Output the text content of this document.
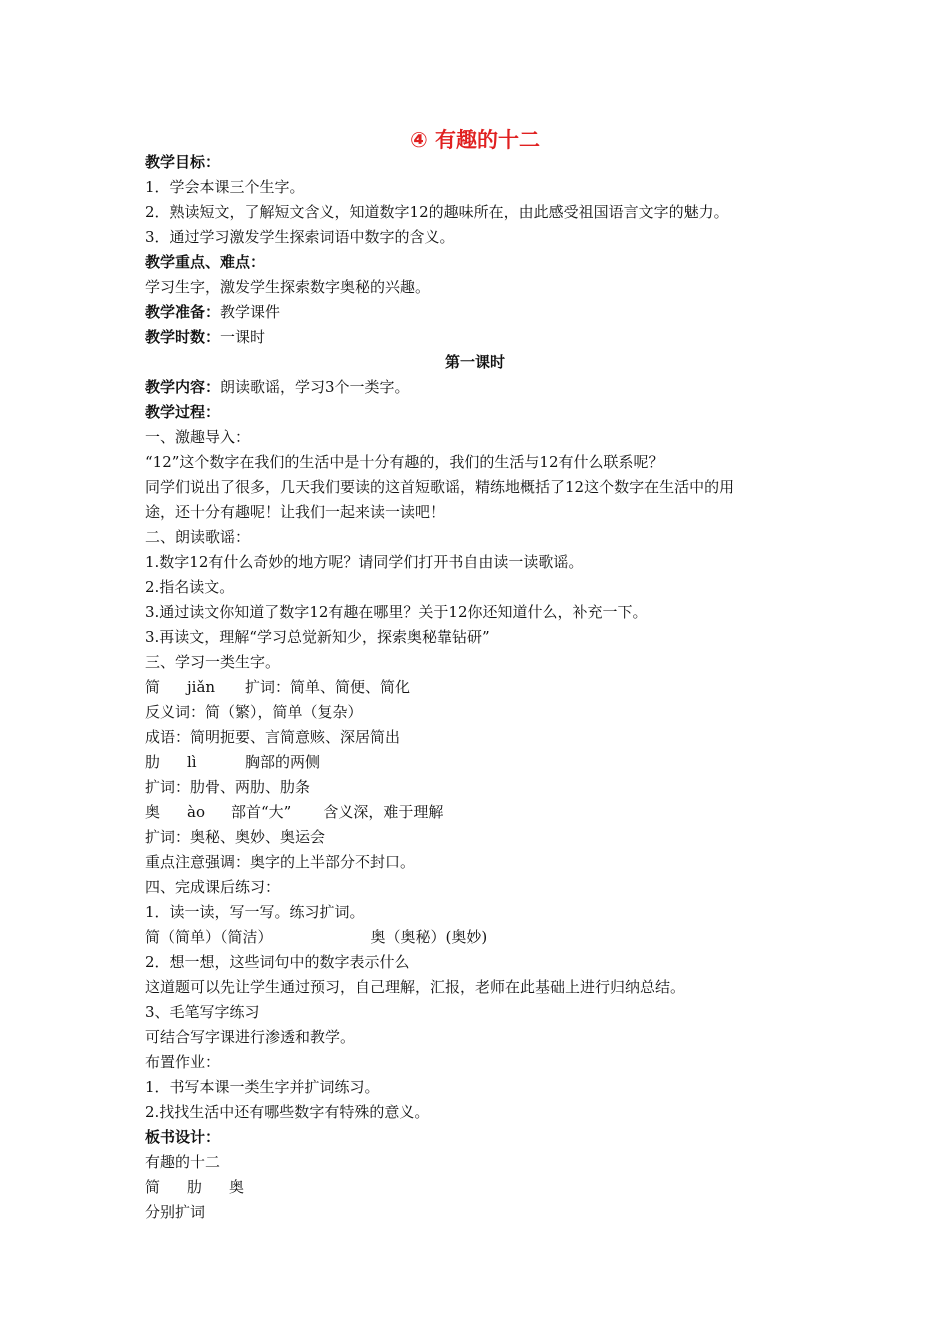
④ 有趣的十二
教学目标：
1．学会本课三个生字。
2．熟读短文，了解短文含义，知道数字12的趣味所在，由此感受祖国语言文字的魅力。
3．通过学习激发学生探索词语中数字的含义。
教学重点、难点：
学习生字，激发学生探索数字奥秘的兴趣。
教学准备：教学课件
教学时数：一课时
第一课时
教学内容：朗读歌谣，学习3个一类字。
教学过程：
一、激趣导入：
“12”这个数字在我们的生活中是十分有趣的，我们的生活与12有什么联系呢？
同学们说出了很多，几天我们要读的这首短歌谣，精练地概括了12这个数字在生活中的用
途，还十分有趣呢！让我们一起来读一读吧！
二、朗读歌谣：
1.数字12有什么奇妙的地方呢？请同学们打开书自由读一读歌谣。
2.指名读文。
3.通过读文你知道了数字12有趣在哪里？关于12你还知道什么，补充一下。
3.再读文，理解“学习总觉新知少，探索奥秘靠钻研”
三、学习一类生字。
简 jiǎn 扩词：简单、简便、简化
反义词：简（繁），简单（复杂）
成语：简明扼要、言简意赅、深居简出
肋 lì	胸部的两侧
扩词：肋骨、两肋、肋条
奥 ào 部首“大” 含义深，难于理解
扩词：奥秘、奥妙、奥运会
重点注意强调：奥字的上半部分不封口。
四、完成课后练习：
1．读一读，写一写。练习扩词。
简（简单）（简洁）	奥（奥秘）(奥妙)
2．想一想，这些词句中的数字表示什么
这道题可以先让学生通过预习，自己理解，汇报，老师在此基础上进行归纳总结。
3、毛笔写字练习
可结合写字课进行渗透和教学。
布置作业：
1．书写本课一类生字并扩词练习。
2.找找生活中还有哪些数字有特殊的意义。
板书设计：
有趣的十二
简 肋 奥
分别扩词
